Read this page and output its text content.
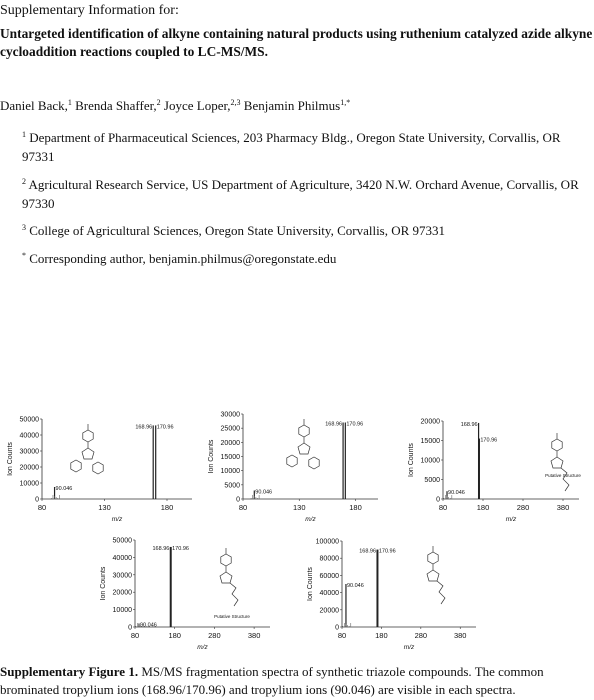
Supplementary Information for:
Untargeted identification of alkyne containing natural products using ruthenium catalyzed azide alkyne cycloaddition reactions coupled to LC-MS/MS.
Daniel Back,$^1$ Brenda Shaffer,$^2$ Joyce Loper,$^{2,3}$ Benjamin Philmus$^{1,*}$
$^1$ Department of Pharmaceutical Sciences, 203 Pharmacy Bldg., Oregon State University, Corvallis, OR 97331
$^2$ Agricultural Research Service, US Department of Agriculture, 3420 N.W. Orchard Avenue, Corvallis, OR 97330
$^3$ College of Agricultural Sciences, Oregon State University, Corvallis, OR 97331
* Corresponding author, benjamin.philmus@oregonstate.edu
0
10000
20000
30000
40000
50000
80	130	180
m/z
Ion Counts
90.046
168.96 170.96
0
5000
10000
15000
20000
25000
30000
80	130	180
m/z
Ion Counts
90.046
168.96 170.96
0
5000
10000
15000
20000
80	180	280	380
m/z
Ion Counts
90.046
168.96
170.96
Putative Structure
0
10000
20000
30000
40000
50000
80	180	280	380
m/z
Ion Counts
90.046
168.96 170.96
Putative Structure
0
20000
40000
60000
80000
100000
80	180	280	380
m/z
Ion Counts	90.046
168.96 170.96
Supplementary Figure 1. MS/MS fragmentation spectra of synthetic triazole compounds. The common brominated tropylium ions (168.96/170.96) and tropylium ions (90.046) are visible in each spectra.
